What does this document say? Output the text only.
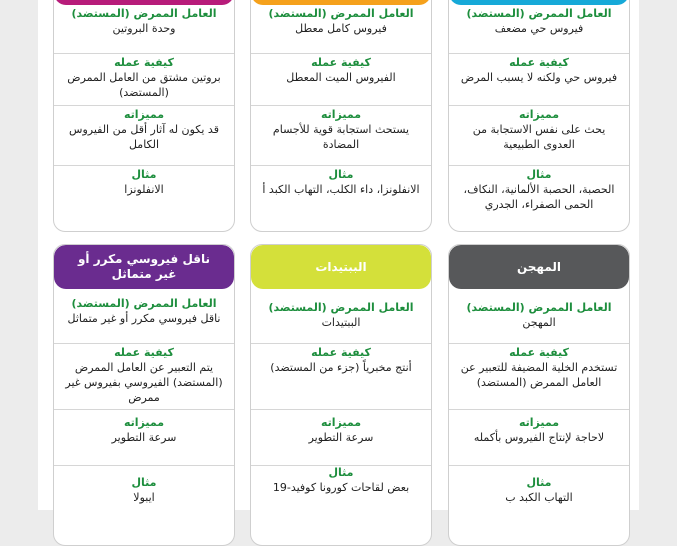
العامل الممرض (المستضد)
فيروس حي مضعف
كيفية عمله
فيروس حي ولكنه لا يسبب المرض
مميزاته
يحث على نفس الاستجابة من العدوى الطبيعية
مثال
الحصبة، الحصبة الألمانية، النكاف، الحمى الصفراء، الجدري
العامل الممرض (المستضد)
فيروس كامل معطل
كيفية عمله
الفيروس الميت المعطل
مميزاته
يستحث استجابة قوية للأجسام المضادة
مثال
الانفلونزا، داء الكلب، التهاب الكبد أ
العامل الممرض (المستضد)
وحدة البروتين
كيفية عمله
بروتين مشتق من العامل الممرض (المستضد)
مميزاته
قد يكون له آثار أقل من الفيروس الكامل
مثال
الانفلونزا
المهجن
العامل الممرض (المستضد)
المهجن
كيفية عمله
تستخدم الخلية المضيفة للتعبير عن العامل الممرض (المستضد)
مميزاته
لاحاجة لإنتاج الفيروس بأكمله
مثال
التهاب الكبد ب
الببتيدات
العامل الممرض (المستضد)
الببتيدات
كيفية عمله
أنتج مخبرياً (جزء من المستضد)
مميزاته
سرعة التطوير
مثال
بعض لقاحات كورونا كوفيد-19
ناقل فيروسي مكرر أو غير متماثل
العامل الممرض (المستضد)
ناقل فيروسي مكرر أو غير متماثل
كيفية عمله
يتم التعبير عن العامل الممرض (المستضد) الفيروسي بفيروس غير ممرض
مميزاته
سرعة التطوير
مثال
ايبولا
